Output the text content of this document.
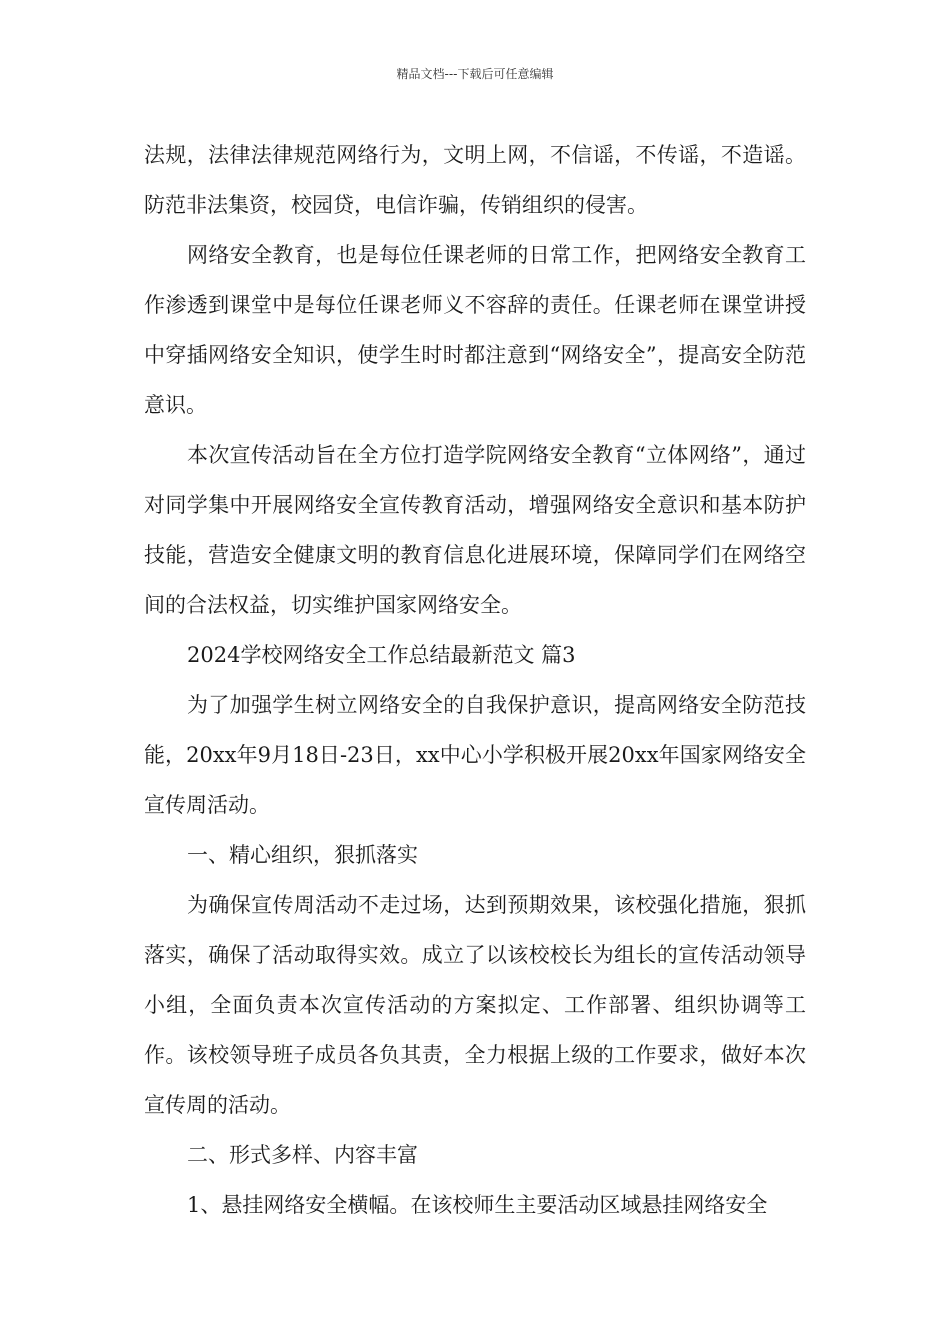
精品文档---下载后可任意编辑

法规，法律法律规范网络行为，文明上网，不信谣，不传谣，不造谣。防范非法集资，校园贷，电信诈骗，传销组织的侵害。

网络安全教育，也是每位任课老师的日常工作，把网络安全教育工作渗透到课堂中是每位任课老师义不容辞的责任。任课老师在课堂讲授中穿插网络安全知识，使学生时时都注意到“网络安全”，提高安全防范意识。

本次宣传活动旨在全方位打造学院网络安全教育“立体网络”，通过对同学集中开展网络安全宣传教育活动，增强网络安全意识和基本防护技能，营造安全健康文明的教育信息化进展环境，保障同学们在网络空间的合法权益，切实维护国家网络安全。

2024学校网络安全工作总结最新范文 篇3

为了加强学生树立网络安全的自我保护意识，提高网络安全防范技能，20xx年9月18日-23日，xx中心小学积极开展20xx年国家网络安全宣传周活动。

一、精心组织，狠抓落实

为确保宣传周活动不走过场，达到预期效果，该校强化措施，狠抓落实，确保了活动取得实效。成立了以该校校长为组长的宣传活动领导小组，全面负责本次宣传活动的方案拟定、工作部署、组织协调等工作。该校领导班子成员各负其责，全力根据上级的工作要求，做好本次宣传周的活动。

二、形式多样、内容丰富

1、悬挂网络安全横幅。在该校师生主要活动区域悬挂网络安全
